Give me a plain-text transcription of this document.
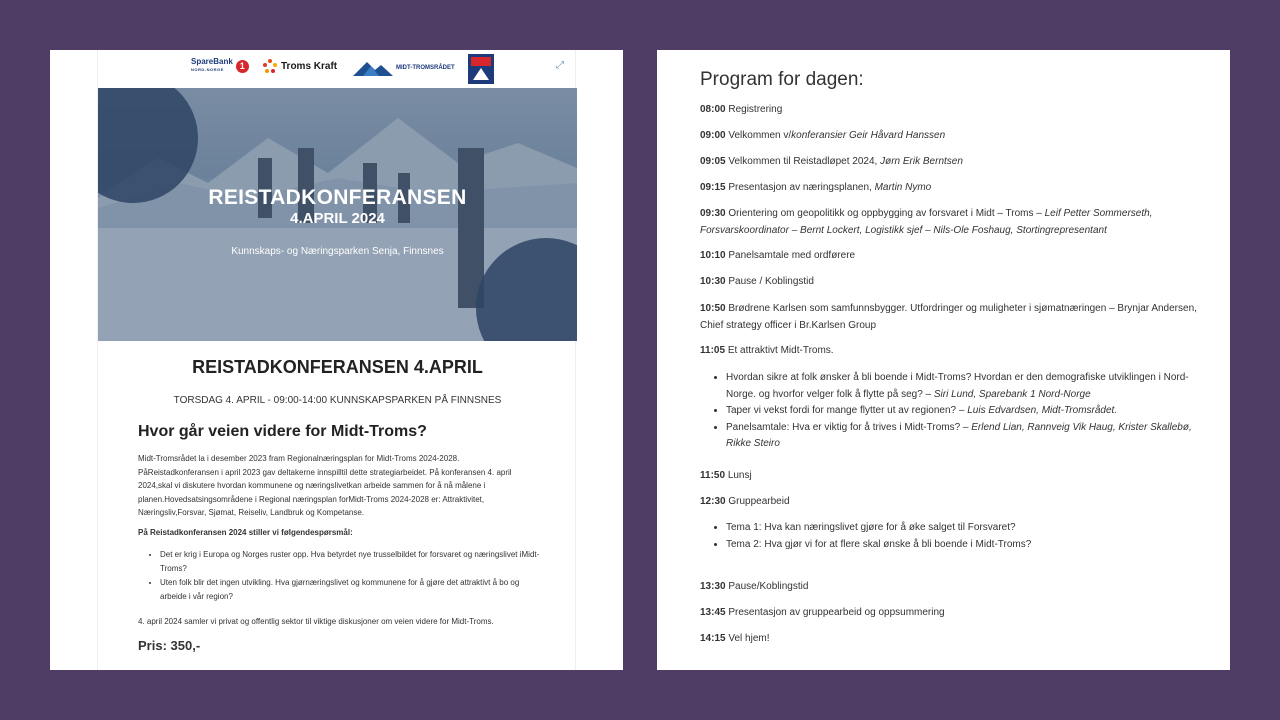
SpareBank
NORD-NORGE	1	Troms Kraft	MIDT-TROMSRÅDET	⤢
REISTADKONFERANSEN
4.APRIL 2024
Kunnskaps- og Næringsparken Senja, Finnsnes
REISTADKONFERANSEN 4.APRIL
TORSDAG 4. APRIL - 09:00-14:00 KUNNSKAPSPARKEN PÅ FINNSNES
Hvor går veien videre for Midt-Troms?
Midt-Tromsrådet la i desember 2023 fram Regionalnæringsplan for Midt-Troms 2024-2028. PåReistadkonferansen i april 2023 gav deltakerne innspilltil dette strategiarbeidet. På konferansen 4. april 2024,skal vi diskutere hvordan kommunene og næringslivetkan arbeide sammen for å nå målene i planen.Hovedsatsingsområdene i Regional næringsplan forMidt-Troms 2024-2028 er: Attraktivitet, Næringsliv,Forsvar, Sjømat, Reiseliv, Landbruk og Kompetanse.
På Reistadkonferansen 2024 stiller vi følgendespørsmål:
• Det er krig i Europa og Norges ruster opp. Hva betyrdet nye trusselbildet for forsvaret og næringslivet iMidt-Troms?
• Uten folk blir det ingen utvikling. Hva gjørnæringslivet og kommunene for å gjøre det attraktivt å bo og arbeide i vår region?
4. april 2024 samler vi privat og offentlig sektor til viktige diskusjoner om veien videre for Midt-Troms.
Pris: 350,-
Program for dagen:
08:00 Registrering
09:00 Velkommen v/konferansier Geir Håvard Hanssen
09:05 Velkommen til Reistadløpet 2024, Jørn Erik Berntsen
09:15 Presentasjon av næringsplanen, Martin Nymo
09:30 Orientering om geopolitikk og oppbygging av forsvaret i Midt – Troms – Leif Petter Sommerseth, Forsvarskoordinator – Bernt Lockert, Logistikk sjef – Nils-Ole Foshaug, Stortingrepresentant
10:10 Panelsamtale med ordførere
10:30 Pause / Koblingstid
10:50 Brødrene Karlsen som samfunnsbygger. Utfordringer og muligheter i sjømatnæringen – Brynjar Andersen, Chief strategy officer i Br.Karlsen Group
11:05 Et attraktivt Midt-Troms.
• Hvordan sikre at folk ønsker å bli boende i Midt-Troms? Hvordan er den demografiske utviklingen i Nord-Norge. og hvorfor velger folk å flytte på seg? – Siri Lund, Sparebank 1 Nord-Norge
• Taper vi vekst fordi for mange flytter ut av regionen? – Luis Edvardsen, Midt-Tromsrådet.
• Panelsamtale: Hva er viktig for å trives i Midt-Troms? – Erlend Lian, Rannveig Vik Haug, Krister Skallebø, Rikke Steiro
11:50 Lunsj
12:30 Gruppearbeid
• Tema 1: Hva kan næringslivet gjøre for å øke salget til Forsvaret?
• Tema 2: Hva gjør vi for at flere skal ønske å bli boende i Midt-Troms?
13:30 Pause/Koblingstid
13:45 Presentasjon av gruppearbeid og oppsummering
14:15 Vel hjem!
